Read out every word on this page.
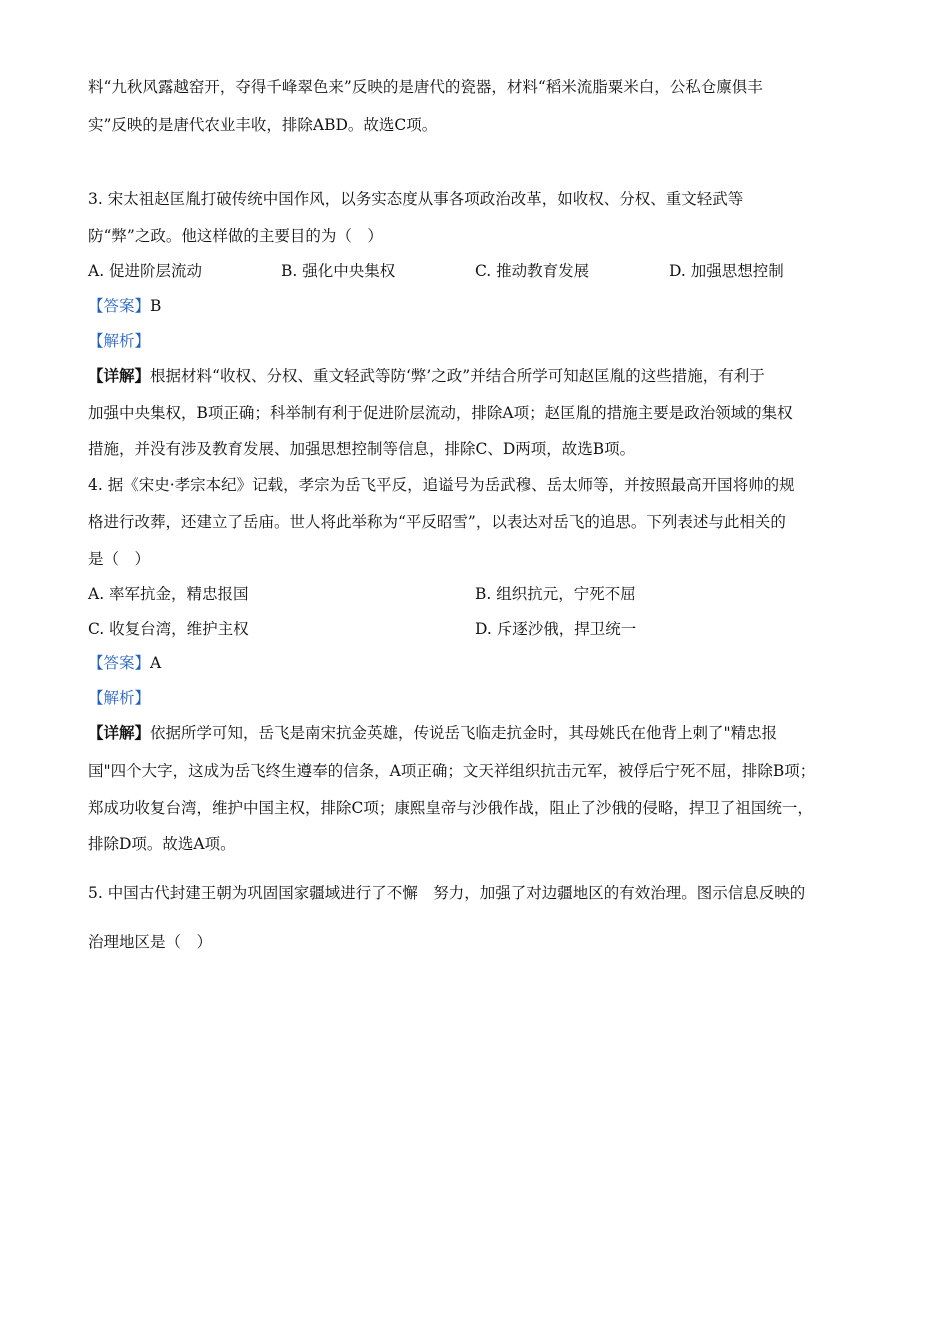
料“九秋风露越窑开，夺得千峰翠色来”反映的是唐代的瓷器，材料“稻米流脂粟米白，公私仓廪俱丰
实”反映的是唐代农业丰收，排除ABD。故选C项。
3. 宋太祖赵匡胤打破传统中国作风，以务实态度从事各项政治改革，如收权、分权、重文轻武等
防“弊”之政。他这样做的主要目的为（　）
A. 促进阶层流动	B. 强化中央集权	C. 推动教育发展	D. 加强思想控制
【答案】B
【解析】
【详解】根据材料“收权、分权、重文轻武等防‘弊’之政”并结合所学可知赵匡胤的这些措施，有利于
加强中央集权，B项正确；科举制有利于促进阶层流动，排除A项；赵匡胤的措施主要是政治领域的集权
措施，并没有涉及教育发展、加强思想控制等信息，排除C、D两项，故选B项。
4. 据《宋史·孝宗本纪》记载，孝宗为岳飞平反，追谥号为岳武穆、岳太师等，并按照最高开国将帅的规
格进行改葬，还建立了岳庙。世人将此举称为“平反昭雪”，以表达对岳飞的追思。下列表述与此相关的
是（　）
A. 率军抗金，精忠报国	B. 组织抗元，宁死不屈
C. 收复台湾，维护主权	D. 斥逐沙俄，捍卫统一
【答案】A
【解析】
【详解】依据所学可知，岳飞是南宋抗金英雄，传说岳飞临走抗金时，其母姚氏在他背上刺了"精忠报
国"四个大字，这成为岳飞终生遵奉的信条，A项正确；文天祥组织抗击元军，被俘后宁死不屈，排除B项；
郑成功收复台湾，维护中国主权，排除C项；康熙皇帝与沙俄作战，阻止了沙俄的侵略，捍卫了祖国统一，
排除D项。故选A项。
5. 中国古代封建王朝为巩固国家疆域进行了不懈　努力，加强了对边疆地区的有效治理。图示信息反映的
治理地区是（　）
